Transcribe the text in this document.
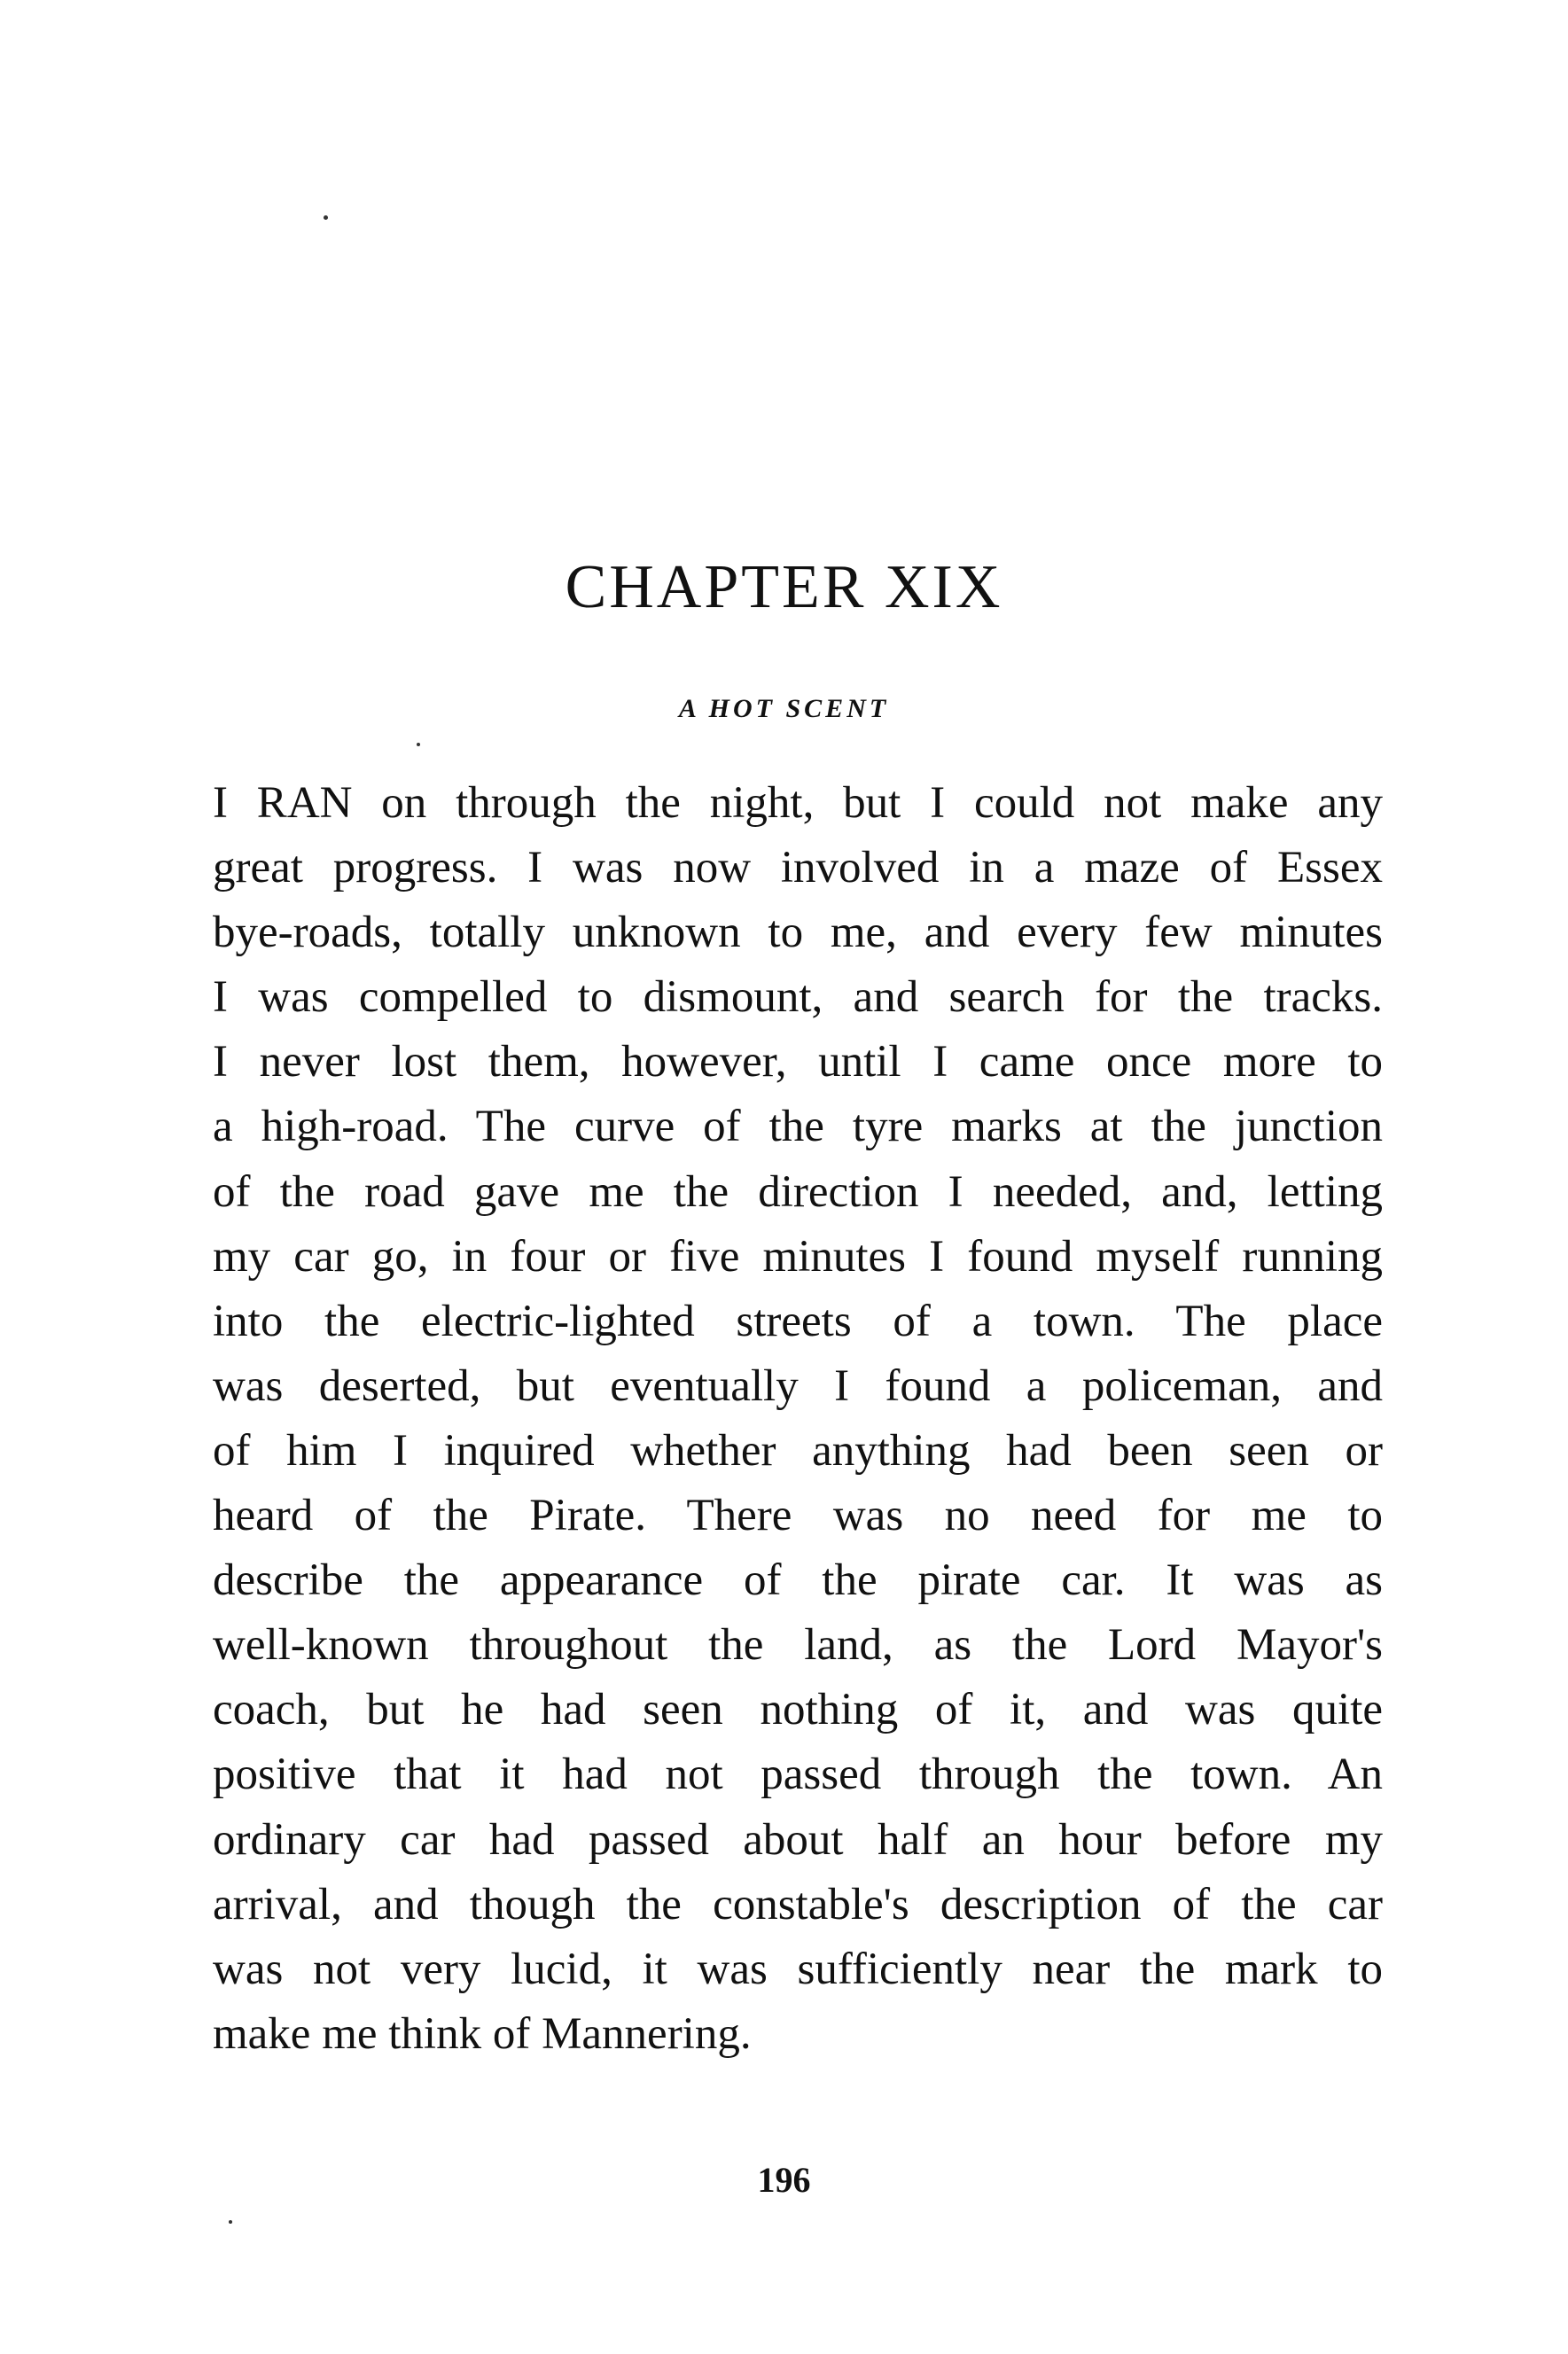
CHAPTER XIX
A HOT SCENT
I RAN on through the night, but I could not make any
great progress. I was now involved in a maze of Essex
bye-roads, totally unknown to me, and every few minutes
I was compelled to dismount, and search for the tracks.
I never lost them, however, until I came once more to
a high-road. The curve of the tyre marks at the junction
of the road gave me the direction I needed, and, letting
my car go, in four or five minutes I found myself running
into the electric-lighted streets of a town. The place
was deserted, but eventually I found a policeman, and
of him I inquired whether anything had been seen or
heard of the Pirate. There was no need for me to
describe the appearance of the pirate car. It was as
well-known throughout the land, as the Lord Mayor's
coach, but he had seen nothing of it, and was quite
positive that it had not passed through the town. An
ordinary car had passed about half an hour before my
arrival, and though the constable's description of the car
was not very lucid, it was sufficiently near the mark to
make me think of Mannering.
196
